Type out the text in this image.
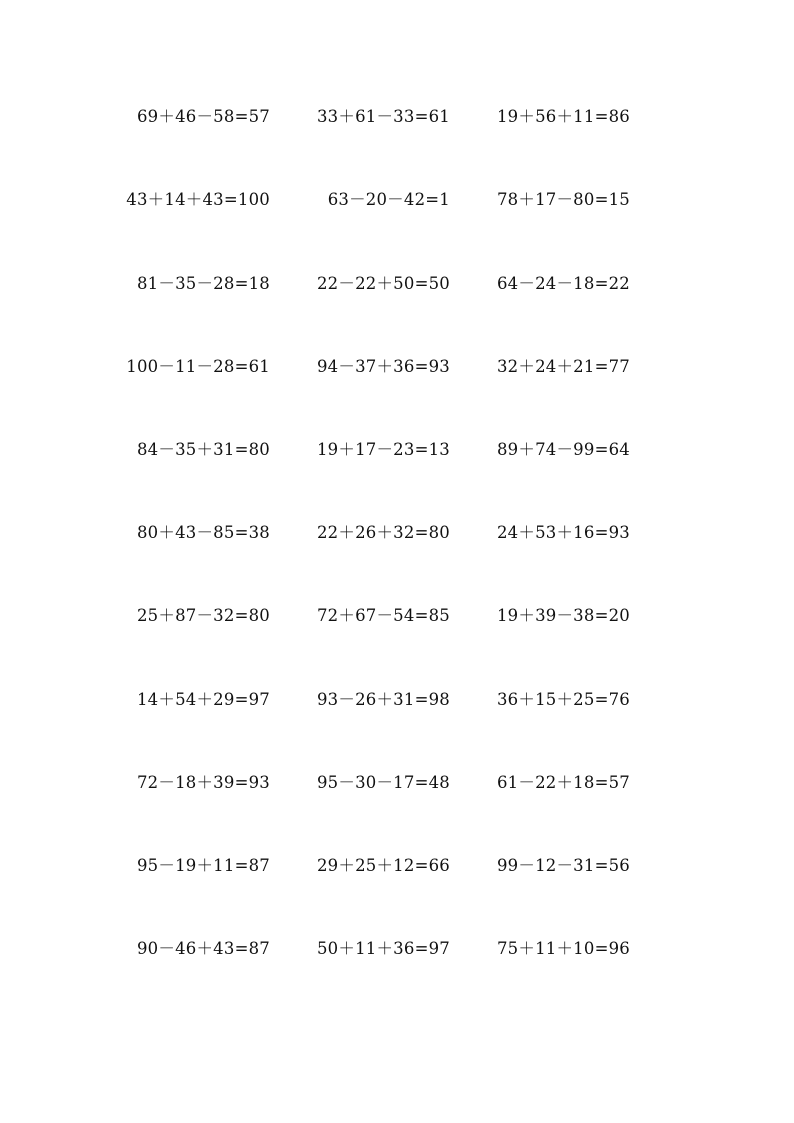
69＋46－58=57	33＋61－33=61	19＋56＋11=86
43＋14＋43=100	63－20－42=1	78＋17－80=15
81－35－28=18	22－22＋50=50	64－24－18=22
100－11－28=61	94－37＋36=93	32＋24＋21=77
84－35＋31=80	19＋17－23=13	89＋74－99=64
80＋43－85=38	22＋26＋32=80	24＋53＋16=93
25＋87－32=80	72＋67－54=85	19＋39－38=20
14＋54＋29=97	93－26＋31=98	36＋15＋25=76
72－18＋39=93	95－30－17=48	61－22＋18=57
95－19＋11=87	29＋25＋12=66	99－12－31=56
90－46＋43=87	50＋11＋36=97	75＋11＋10=96
